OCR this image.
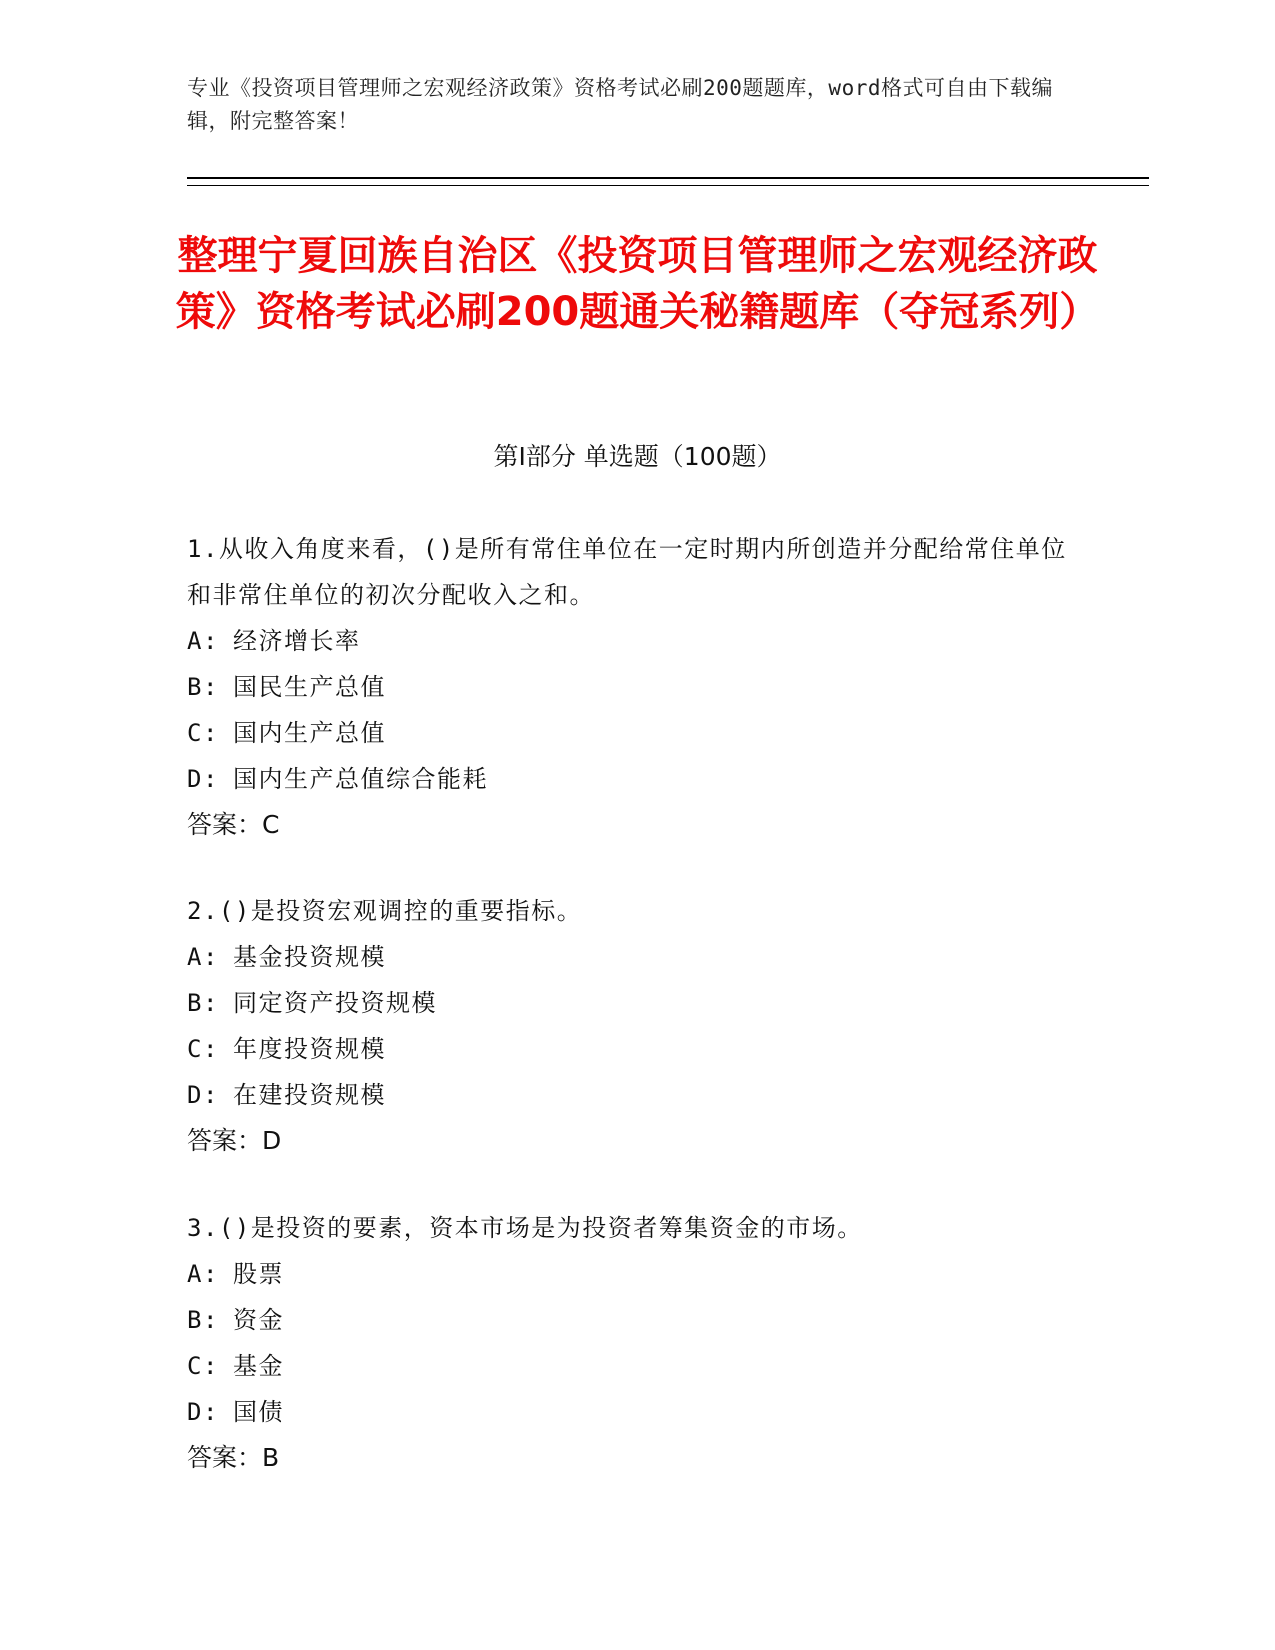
专业《投资项目管理师之宏观经济政策》资格考试必刷200题题库，word格式可自由下载编辑，附完整答案！
整理宁夏回族自治区《投资项目管理师之宏观经济政策》资格考试必刷200题通关秘籍题库（夺冠系列）
第Ⅰ部分 单选题（100题）

1.从收入角度来看，()是所有常住单位在一定时期内所创造并分配给常住单位和非常住单位的初次分配收入之和。

A: 经济增长率

B: 国民生产总值

C: 国内生产总值

D: 国内生产总值综合能耗

答案：C

2.()是投资宏观调控的重要指标。

A: 基金投资规模

B: 同定资产投资规模

C: 年度投资规模

D: 在建投资规模

答案：D

3.()是投资的要素，资本市场是为投资者筹集资金的市场。

A: 股票

B: 资金

C: 基金

D: 国债

答案：B
